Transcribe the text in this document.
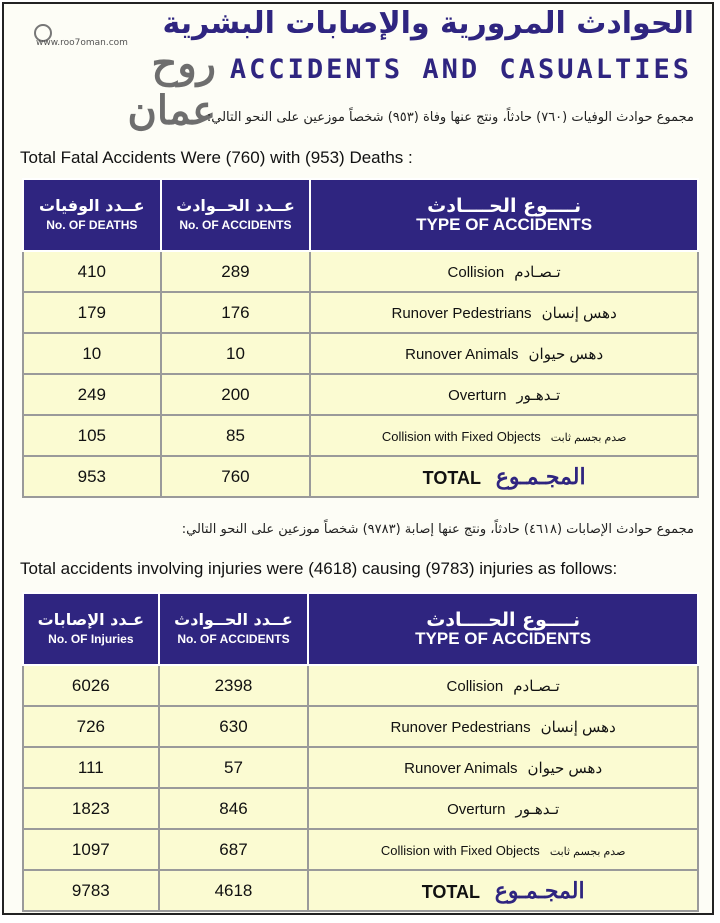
www.roo7oman.com روح عمان
الحوادث المرورية والإصابات البشرية
ACCIDENTS AND CASUALTIES
مجموع حوادث الوفيات (٧٦٠) حادثاً، ونتج عنها وفاة (٩٥٣) شخصاً موزعين على النحو التالي:
Total Fatal Accidents Were (760) with (953) Deaths :
عــدد الوفيات
No. OF DEATHS	عــدد الحــوادث
No. OF ACCIDENTS	نــــوع الحــــادث
TYPE OF ACCIDENTS

410	289	Collision تـصـادم
179	176	Runover Pedestrians دهس إنسان
10	10	Runover Animals دهس حيوان
249	200	Overturn تـدهـور
105	85	Collision with Fixed Objects صدم بجسم ثابت
953	760	TOTAL المجـمـوع
مجموع حوادث الإصابات (٤٦١٨) حادثاً، ونتج عنها إصابة (٩٧٨٣) شخصاً موزعين على النحو التالي:
Total accidents involving injuries were (4618) causing (9783) injuries as follows:
عـدد الإصابات
No. OF Injuries	عــدد الحــوادث
No. OF ACCIDENTS	نــــوع الحــــادث
TYPE OF ACCIDENTS

6026	2398	Collision تـصـادم
726	630	Runover Pedestrians دهس إنسان
111	57	Runover Animals دهس حيوان
1823	846	Overturn تـدهـور
1097	687	Collision with Fixed Objects صدم بجسم ثابت
9783	4618	TOTAL المجـمـوع
